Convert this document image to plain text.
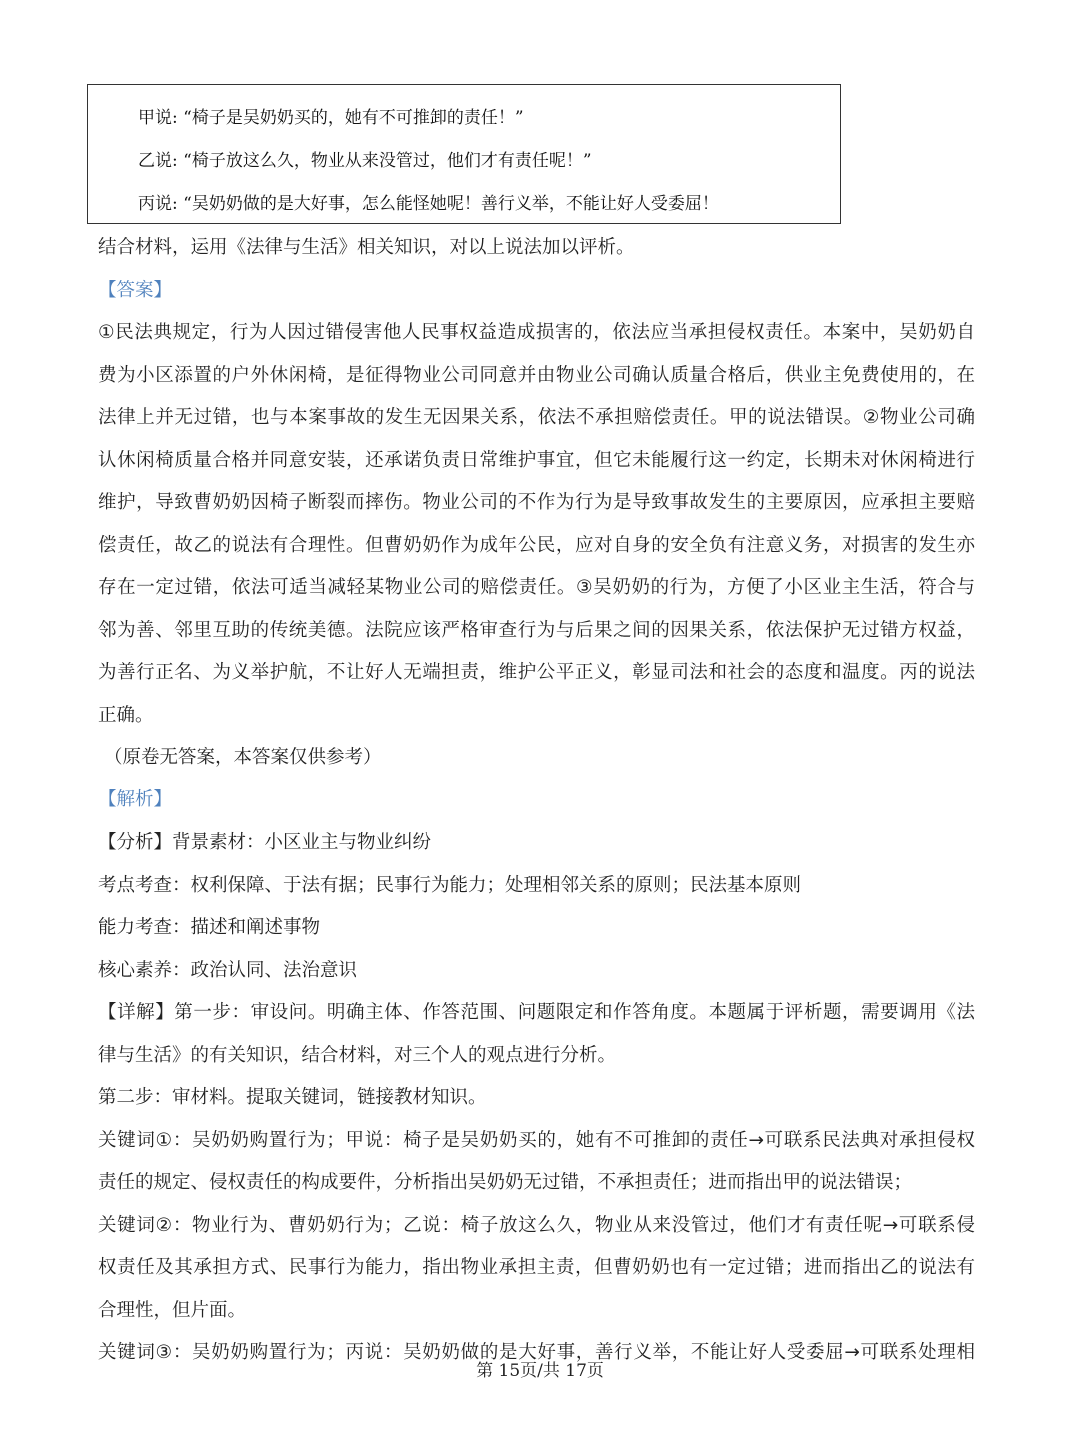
甲说: “椅子是吴奶奶买的，她有不可推卸的责任！”
乙说: “椅子放这么久，物业从来没管过，他们才有责任呢！”
丙说: “吴奶奶做的是大好事，怎么能怪她呢！善行义举，不能让好人受委屈！
结合材料，运用《法律与生活》相关知识，对以上说法加以评析。
【答案】
①民法典规定，行为人因过错侵害他人民事权益造成损害的，依法应当承担侵权责任。本案中，吴奶奶自
费为小区添置的户外休闲椅，是征得物业公司同意并由物业公司确认质量合格后，供业主免费使用的，在
法律上并无过错，也与本案事故的发生无因果关系，依法不承担赔偿责任。甲的说法错误。②物业公司确
认休闲椅质量合格并同意安装，还承诺负责日常维护事宜，但它未能履行这一约定，长期未对休闲椅进行
维护，导致曹奶奶因椅子断裂而摔伤。物业公司的不作为行为是导致事故发生的主要原因，应承担主要赔
偿责任，故乙的说法有合理性。但曹奶奶作为成年公民，应对自身的安全负有注意义务，对损害的发生亦
存在一定过错，依法可适当减轻某物业公司的赔偿责任。③吴奶奶的行为，方便了小区业主生活，符合与
邻为善、邻里互助的传统美德。法院应该严格审查行为与后果之间的因果关系，依法保护无过错方权益，
为善行正名、为义举护航，不让好人无端担责，维护公平正义，彰显司法和社会的态度和温度。丙的说法
正确。
（原卷无答案，本答案仅供参考）
【解析】
【分析】背景素材：小区业主与物业纠纷
考点考查：权利保障、于法有据；民事行为能力；处理相邻关系的原则；民法基本原则
能力考查：描述和阐述事物
核心素养：政治认同、法治意识
【详解】第一步：审设问。明确主体、作答范围、问题限定和作答角度。本题属于评析题，需要调用《法
律与生活》的有关知识，结合材料，对三个人的观点进行分析。
第二步：审材料。提取关键词，链接教材知识。
关键词①：吴奶奶购置行为；甲说：椅子是吴奶奶买的，她有不可推卸的责任→可联系民法典对承担侵权
责任的规定、侵权责任的构成要件，分析指出吴奶奶无过错，不承担责任；进而指出甲的说法错误；
关键词②：物业行为、曹奶奶行为；乙说：椅子放这么久，物业从来没管过，他们才有责任呢→可联系侵
权责任及其承担方式、民事行为能力，指出物业承担主责，但曹奶奶也有一定过错；进而指出乙的说法有
合理性，但片面。
关键词③：吴奶奶购置行为；丙说：吴奶奶做的是大好事，善行义举，不能让好人受委屈→可联系处理相
第 15页/共 17页
